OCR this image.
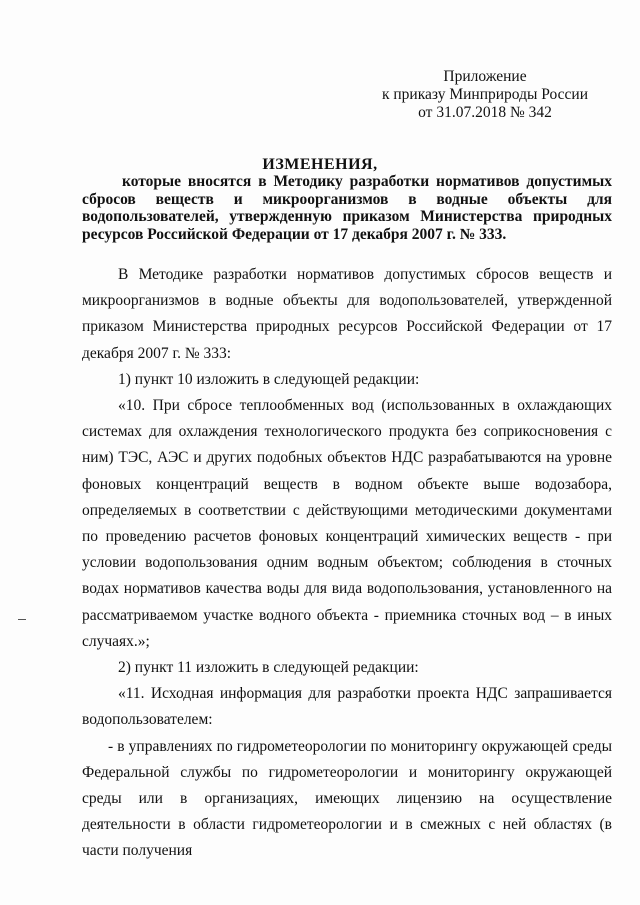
Приложение
к приказу Минприроды России
от 31.07.2018 № 342
ИЗМЕНЕНИЯ,
которые вносятся в Методику разработки нормативов допустимых сбросов веществ и микроорганизмов в водные объекты для водопользователей, утвержденную приказом Министерства природных ресурсов Российской Федерации от 17 декабря 2007 г. № 333.

В Методике разработки нормативов допустимых сбросов веществ и микроорганизмов в водные объекты для водопользователей, утвержденной приказом Министерства природных ресурсов Российской Федерации от 17 декабря 2007 г. № 333:

1) пункт 10 изложить в следующей редакции:

«10. При сбросе теплообменных вод (использованных в охлаждающих системах для охлаждения технологического продукта без соприкосновения с ним) ТЭС, АЭС и других подобных объектов НДС разрабатываются на уровне фоновых концентраций веществ в водном объекте выше водозабора, определяемых в соответствии с действующими методическими документами по проведению расчетов фоновых концентраций химических веществ - при условии водопользования одним водным объектом; соблюдения в сточных водах нормативов качества воды для вида водопользования, установленного на рассматриваемом участке водного объекта - приемника сточных вод – в иных случаях.»;

2) пункт 11 изложить в следующей редакции:

«11. Исходная информация для разработки проекта НДС запрашивается водопользователем:

- в управлениях по гидрометеорологии по мониторингу окружающей среды Федеральной службы по гидрометеорологии и мониторингу окружающей среды или в организациях, имеющих лицензию на осуществление деятельности в области гидрометеорологии и в смежных с ней областях (в части получения
